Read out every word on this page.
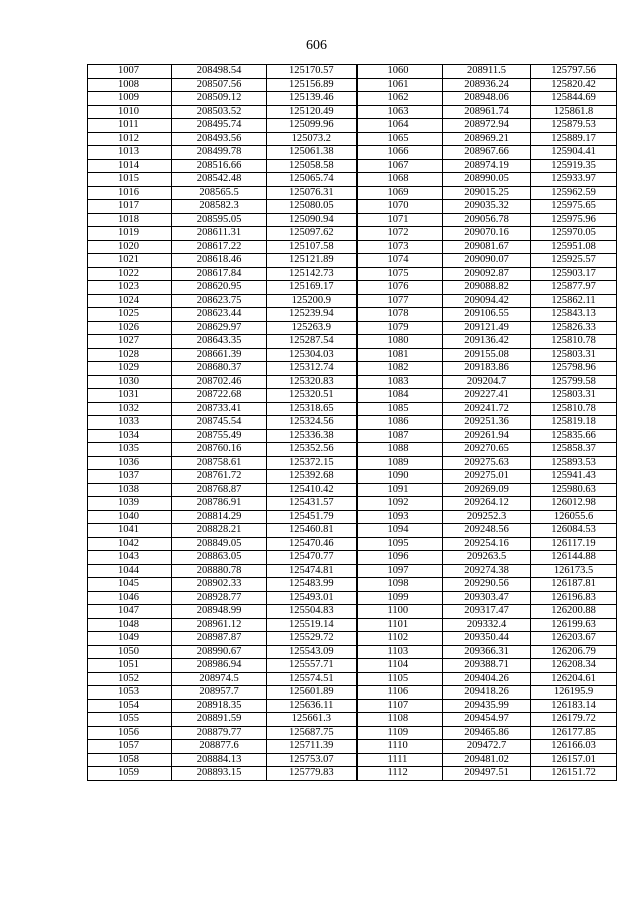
606
1007	208498.54	125170.57	1060	208911.5	125797.56
1008	208507.56	125156.89	1061	208936.24	125820.42
1009	208509.12	125139.46	1062	208948.06	125844.69
1010	208503.52	125120.49	1063	208961.74	125861.8
1011	208495.74	125099.96	1064	208972.94	125879.53
1012	208493.56	125073.2	1065	208969.21	125889.17
1013	208499.78	125061.38	1066	208967.66	125904.41
1014	208516.66	125058.58	1067	208974.19	125919.35
1015	208542.48	125065.74	1068	208990.05	125933.97
1016	208565.5	125076.31	1069	209015.25	125962.59
1017	208582.3	125080.05	1070	209035.32	125975.65
1018	208595.05	125090.94	1071	209056.78	125975.96
1019	208611.31	125097.62	1072	209070.16	125970.05
1020	208617.22	125107.58	1073	209081.67	125951.08
1021	208618.46	125121.89	1074	209090.07	125925.57
1022	208617.84	125142.73	1075	209092.87	125903.17
1023	208620.95	125169.17	1076	209088.82	125877.97
1024	208623.75	125200.9	1077	209094.42	125862.11
1025	208623.44	125239.94	1078	209106.55	125843.13
1026	208629.97	125263.9	1079	209121.49	125826.33
1027	208643.35	125287.54	1080	209136.42	125810.78
1028	208661.39	125304.03	1081	209155.08	125803.31
1029	208680.37	125312.74	1082	209183.86	125798.96
1030	208702.46	125320.83	1083	209204.7	125799.58
1031	208722.68	125320.51	1084	209227.41	125803.31
1032	208733.41	125318.65	1085	209241.72	125810.78
1033	208745.54	125324.56	1086	209251.36	125819.18
1034	208755.49	125336.38	1087	209261.94	125835.66
1035	208760.16	125352.56	1088	209270.65	125858.37
1036	208758.61	125372.15	1089	209275.63	125893.53
1037	208761.72	125392.68	1090	209275.01	125941.43
1038	208768.87	125410.42	1091	209269.09	125980.63
1039	208786.91	125431.57	1092	209264.12	126012.98
1040	208814.29	125451.79	1093	209252.3	126055.6
1041	208828.21	125460.81	1094	209248.56	126084.53
1042	208849.05	125470.46	1095	209254.16	126117.19
1043	208863.05	125470.77	1096	209263.5	126144.88
1044	208880.78	125474.81	1097	209274.38	126173.5
1045	208902.33	125483.99	1098	209290.56	126187.81
1046	208928.77	125493.01	1099	209303.47	126196.83
1047	208948.99	125504.83	1100	209317.47	126200.88
1048	208961.12	125519.14	1101	209332.4	126199.63
1049	208987.87	125529.72	1102	209350.44	126203.67
1050	208990.67	125543.09	1103	209366.31	126206.79
1051	208986.94	125557.71	1104	209388.71	126208.34
1052	208974.5	125574.51	1105	209404.26	126204.61
1053	208957.7	125601.89	1106	209418.26	126195.9
1054	208918.35	125636.11	1107	209435.99	126183.14
1055	208891.59	125661.3	1108	209454.97	126179.72
1056	208879.77	125687.75	1109	209465.86	126177.85
1057	208877.6	125711.39	1110	209472.7	126166.03
1058	208884.13	125753.07	1111	209481.02	126157.01
1059	208893.15	125779.83	1112	209497.51	126151.72
